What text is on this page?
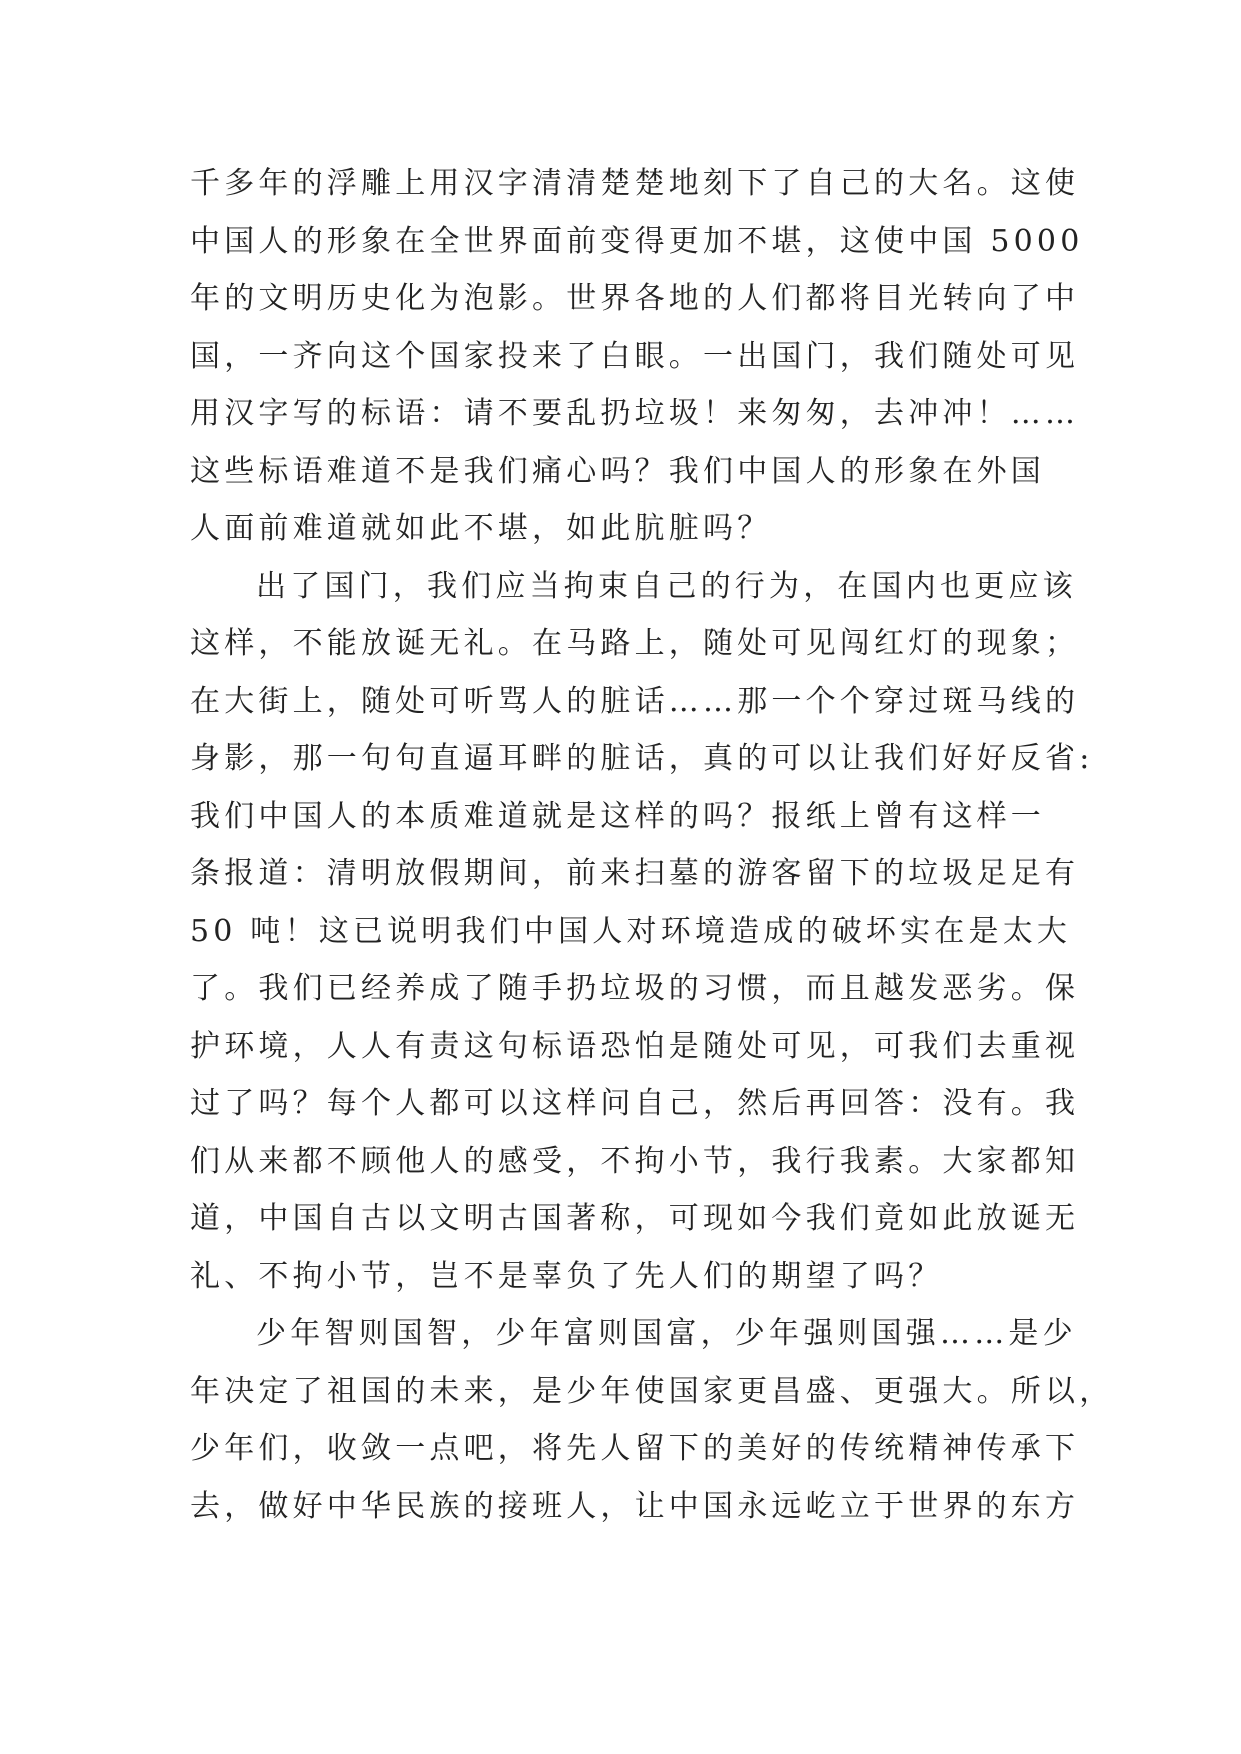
千多年的浮雕上用汉字清清楚楚地刻下了自己的大名。这使
中国人的形象在全世界面前变得更加不堪，这使中国 5000
年的文明历史化为泡影。世界各地的人们都将目光转向了中
国，一齐向这个国家投来了白眼。一出国门，我们随处可见
用汉字写的标语：请不要乱扔垃圾！来匆匆，去冲冲！……
这些标语难道不是我们痛心吗？我们中国人的形象在外国
人面前难道就如此不堪，如此肮脏吗？
出了国门，我们应当拘束自己的行为，在国内也更应该
这样，不能放诞无礼。在马路上，随处可见闯红灯的现象；
在大街上，随处可听骂人的脏话……那一个个穿过斑马线的
身影，那一句句直逼耳畔的脏话，真的可以让我们好好反省:
我们中国人的本质难道就是这样的吗？报纸上曾有这样一
条报道：清明放假期间，前来扫墓的游客留下的垃圾足足有
50 吨！这已说明我们中国人对环境造成的破坏实在是太大
了。我们已经养成了随手扔垃圾的习惯，而且越发恶劣。保
护环境，人人有责这句标语恐怕是随处可见，可我们去重视
过了吗？每个人都可以这样问自己，然后再回答：没有。我
们从来都不顾他人的感受，不拘小节，我行我素。大家都知
道，中国自古以文明古国著称，可现如今我们竟如此放诞无
礼、不拘小节，岂不是辜负了先人们的期望了吗？
少年智则国智，少年富则国富，少年强则国强……是少
年决定了祖国的未来，是少年使国家更昌盛、更强大。所以，
少年们，收敛一点吧，将先人留下的美好的传统精神传承下
去，做好中华民族的接班人，让中国永远屹立于世界的东方
